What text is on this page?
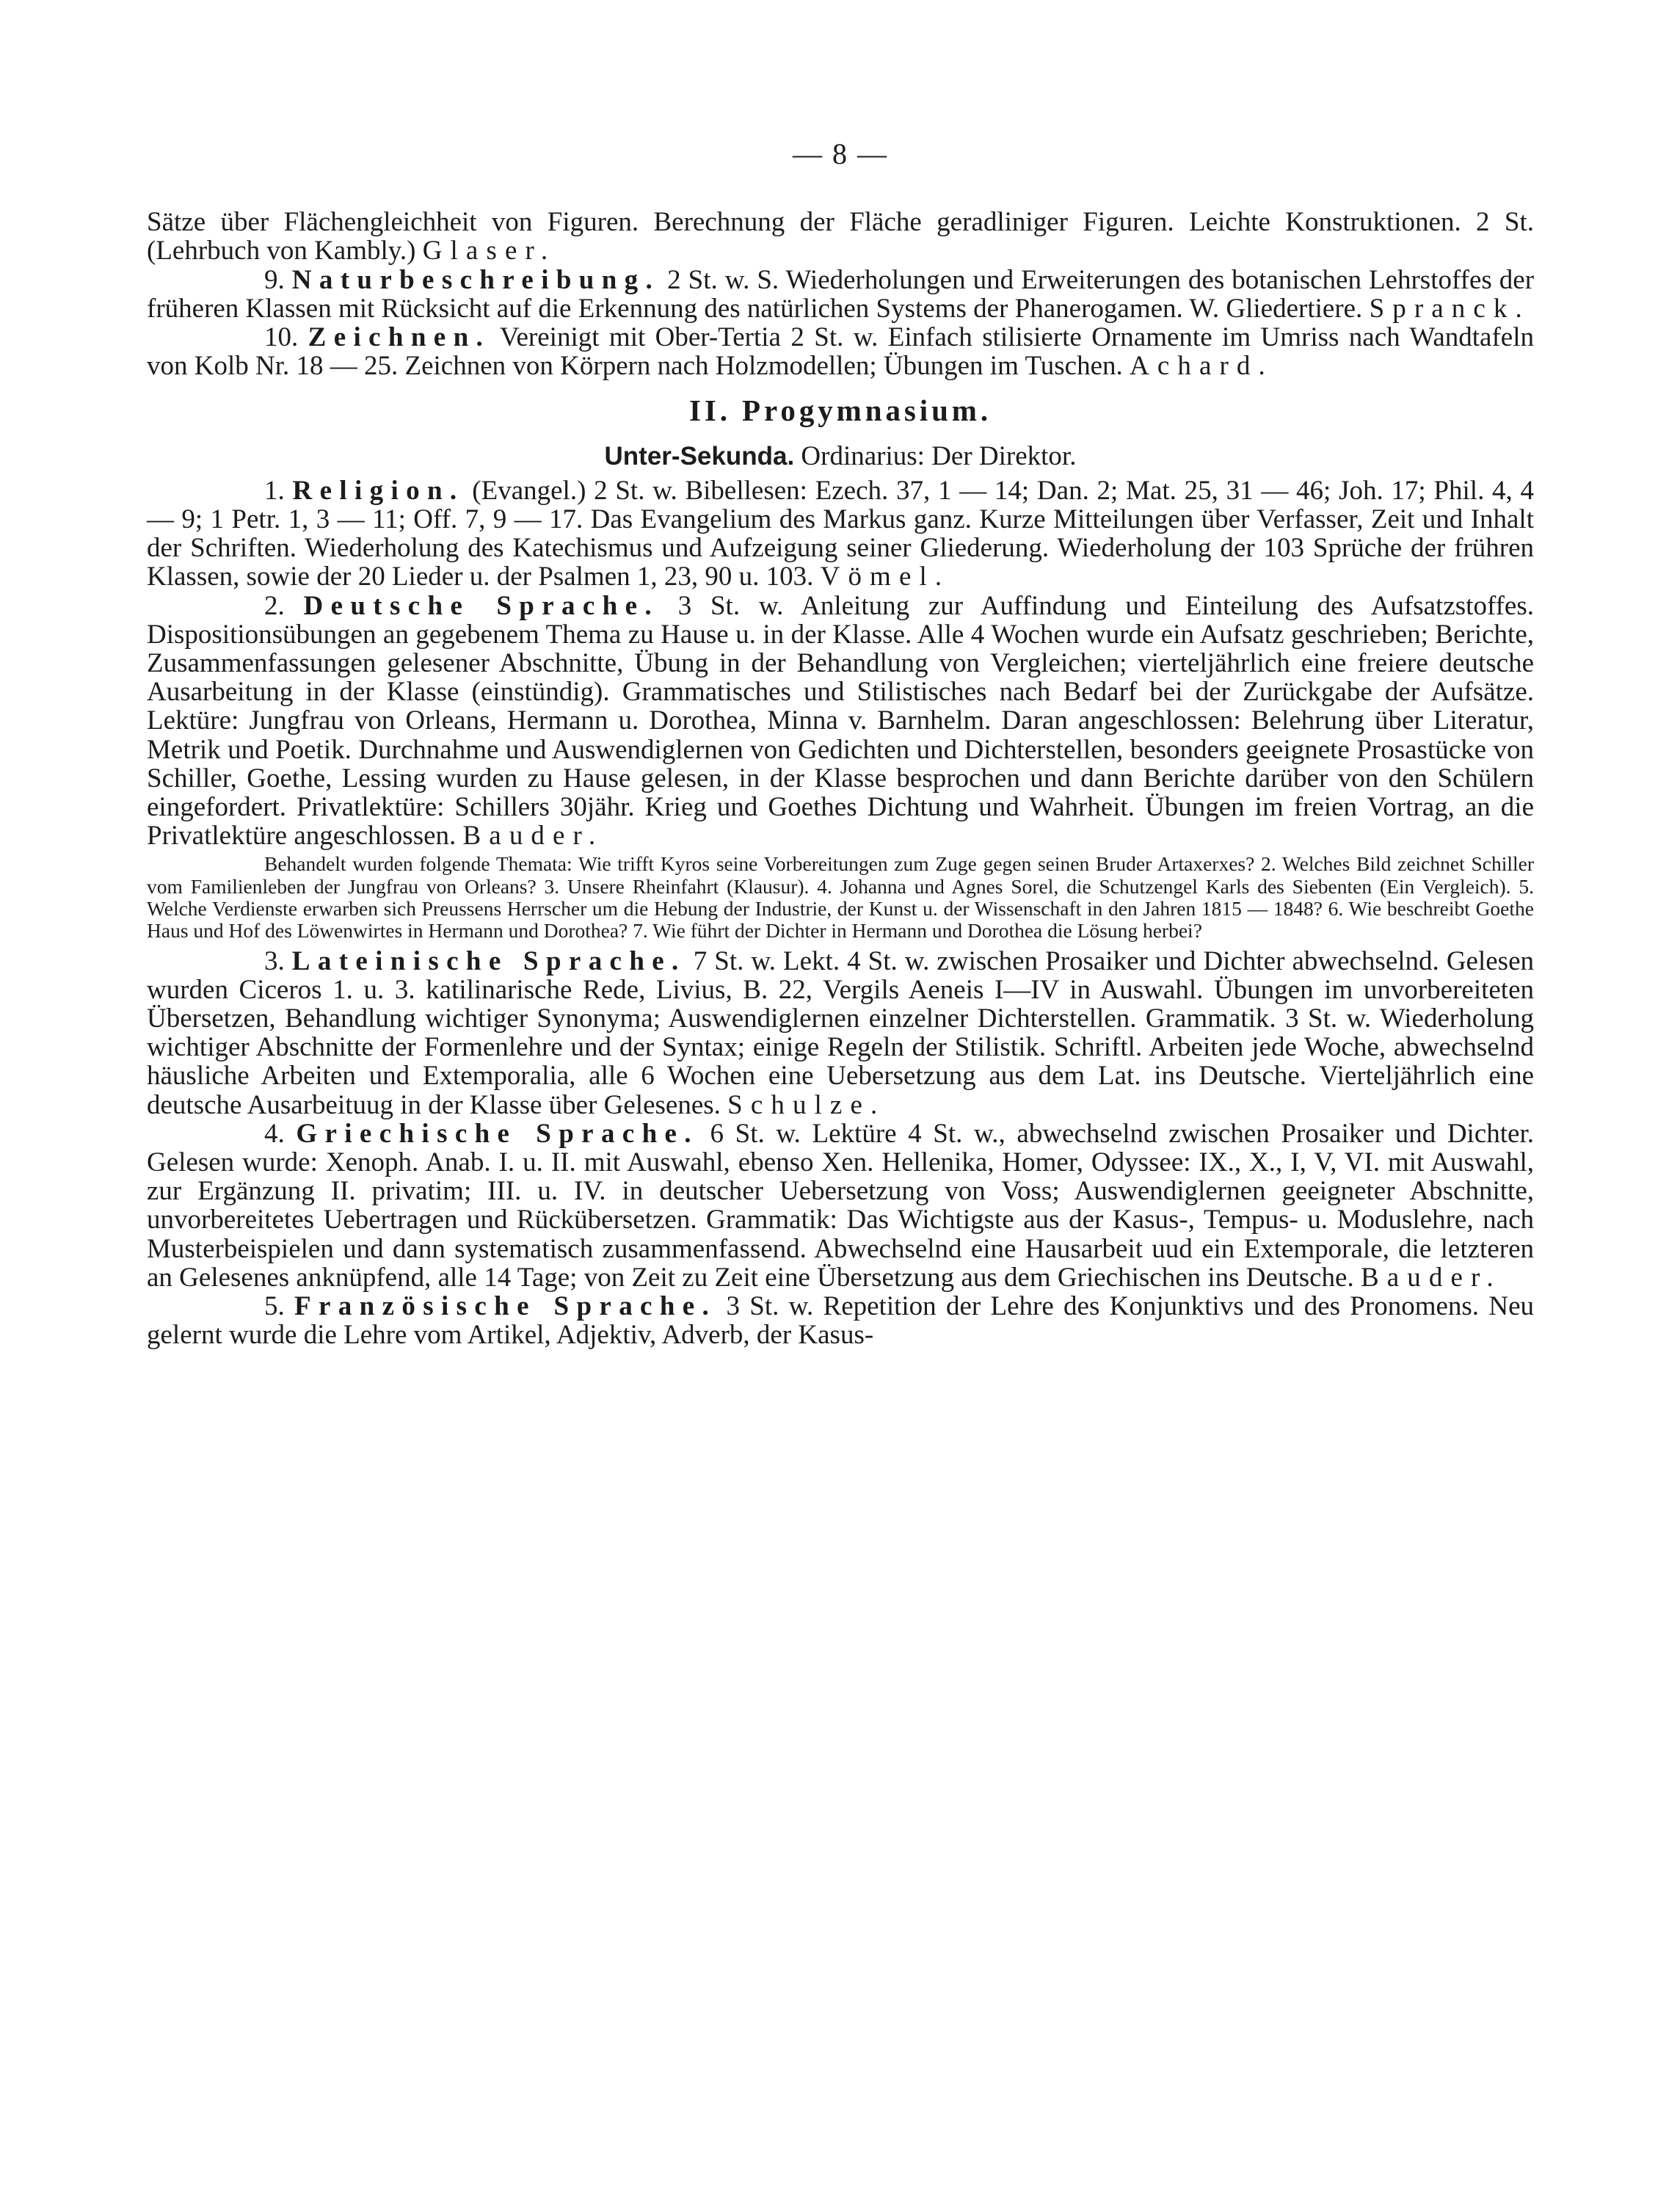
— 8 —

Sätze über Flächengleichheit von Figuren. Berechnung der Fläche geradliniger Figuren. Leichte Konstruktionen. 2 St. (Lehrbuch von Kambly.) Glaser.

9. Naturbeschreibung. 2 St. w. S. Wiederholungen und Erweiterungen des botanischen Lehrstoffes der früheren Klassen mit Rücksicht auf die Erkennung des natürlichen Systems der Phanerogamen. W. Gliedertiere. Spranck.

10. Zeichnen. Vereinigt mit Ober-Tertia 2 St. w. Einfach stilisierte Ornamente im Umriss nach Wandtafeln von Kolb Nr. 18 — 25. Zeichnen von Körpern nach Holzmodellen; Übungen im Tuschen. Achard.

II. Progymnasium.
Unter-Sekunda. Ordinarius: Der Direktor.

1. Religion. (Evangel.) 2 St. w. Bibellesen: Ezech. 37, 1 — 14; Dan. 2; Mat. 25, 31 — 46; Joh. 17; Phil. 4, 4 — 9; 1 Petr. 1, 3 — 11; Off. 7, 9 — 17. Das Evangelium des Markus ganz. Kurze Mitteilungen über Verfasser, Zeit und Inhalt der Schriften. Wiederholung des Katechismus und Aufzeigung seiner Gliederung. Wiederholung der 103 Sprüche der frühren Klassen, sowie der 20 Lieder u. der Psalmen 1, 23, 90 u. 103. Vömel.

2. Deutsche Sprache. 3 St. w. Anleitung zur Auffindung und Einteilung des Aufsatzstoffes. Dispositionsübungen an gegebenem Thema zu Hause u. in der Klasse. Alle 4 Wochen wurde ein Aufsatz geschrieben; Berichte, Zusammenfassungen gelesener Abschnitte, Übung in der Behandlung von Vergleichen; vierteljährlich eine freiere deutsche Ausarbeitung in der Klasse (einstündig). Grammatisches und Stilistisches nach Bedarf bei der Zurückgabe der Aufsätze. Lektüre: Jungfrau von Orleans, Hermann u. Dorothea, Minna v. Barnhelm. Daran angeschlossen: Belehrung über Literatur, Metrik und Poetik. Durchnahme und Auswendiglernen von Gedichten und Dichterstellen, besonders geeignete Prosastücke von Schiller, Goethe, Lessing wurden zu Hause gelesen, in der Klasse besprochen und dann Berichte darüber von den Schülern eingefordert. Privatlektüre: Schillers 30jähr. Krieg und Goethes Dichtung und Wahrheit. Übungen im freien Vortrag, an die Privatlektüre angeschlossen. Bauder.

Behandelt wurden folgende Themata: Wie trifft Kyros seine Vorbereitungen zum Zuge gegen seinen Bruder Artaxerxes? 2. Welches Bild zeichnet Schiller vom Familienleben der Jungfrau von Orleans? 3. Unsere Rheinfahrt (Klausur). 4. Johanna und Agnes Sorel, die Schutzengel Karls des Siebenten (Ein Vergleich). 5. Welche Verdienste erwarben sich Preussens Herrscher um die Hebung der Industrie, der Kunst u. der Wissenschaft in den Jahren 1815 — 1848? 6. Wie beschreibt Goethe Haus und Hof des Löwenwirtes in Hermann und Dorothea? 7. Wie führt der Dichter in Hermann und Dorothea die Lösung herbei?

3. Lateinische Sprache. 7 St. w. Lekt. 4 St. w. zwischen Prosaiker und Dichter abwechselnd. Gelesen wurden Ciceros 1. u. 3. katilinarische Rede, Livius, B. 22, Vergils Aeneis I—IV in Auswahl. Übungen im unvorbereiteten Übersetzen, Behandlung wichtiger Synonyma; Auswendiglernen einzelner Dichterstellen. Grammatik. 3 St. w. Wiederholung wichtiger Abschnitte der Formenlehre und der Syntax; einige Regeln der Stilistik. Schriftl. Arbeiten jede Woche, abwechselnd häusliche Arbeiten und Extemporalia, alle 6 Wochen eine Uebersetzung aus dem Lat. ins Deutsche. Vierteljährlich eine deutsche Ausarbeituug in der Klasse über Gelesenes. Schulze.

4. Griechische Sprache. 6 St. w. Lektüre 4 St. w., abwechselnd zwischen Prosaiker und Dichter. Gelesen wurde: Xenoph. Anab. I. u. II. mit Auswahl, ebenso Xen. Hellenika, Homer, Odyssee: IX., X., I, V, VI. mit Auswahl, zur Ergänzung II. privatim; III. u. IV. in deutscher Uebersetzung von Voss; Auswendiglernen geeigneter Abschnitte, unvorbereitetes Uebertragen und Rückübersetzen. Grammatik: Das Wichtigste aus der Kasus-, Tempus- u. Moduslehre, nach Musterbeispielen und dann systematisch zusammenfassend. Abwechselnd eine Hausarbeit uud ein Extemporale, die letzteren an Gelesenes anknüpfend, alle 14 Tage; von Zeit zu Zeit eine Übersetzung aus dem Griechischen ins Deutsche. Bauder.

5. Französische Sprache. 3 St. w. Repetition der Lehre des Konjunktivs und des Pronomens. Neu gelernt wurde die Lehre vom Artikel, Adjektiv, Adverb, der Kasus-
